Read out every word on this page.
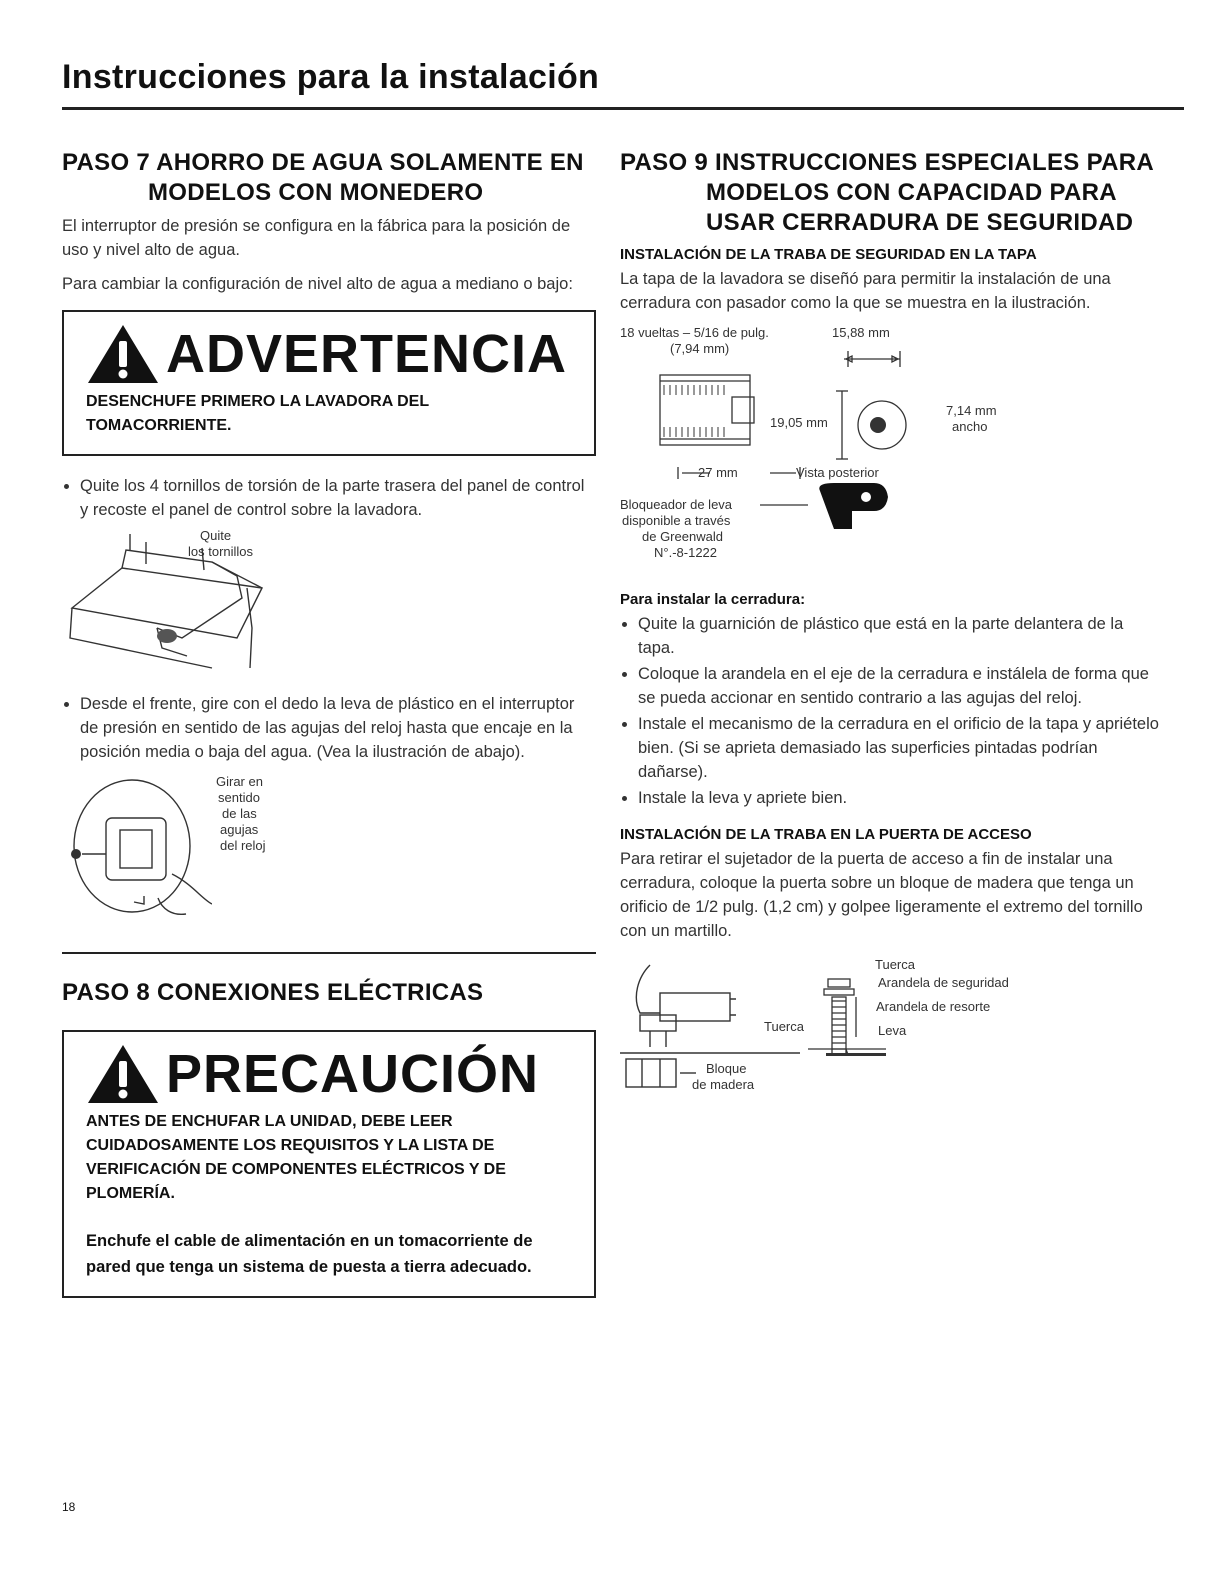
Instrucciones para la instalación
PASO 7 AHORRO DE AGUA SOLAMENTE EN
MODELOS CON MONEDERO

El interruptor de presión se configura en la fábrica para la posición de uso y nivel alto de agua.

Para cambiar la configuración de nivel alto de agua a mediano o bajo:

ADVERTENCIA
DESENCHUFE PRIMERO LA LAVADORA DEL TOMACORRIENTE.
• Quite los 4 tornillos de torsión de la parte trasera del panel de control y recoste el panel de control sobre la lavadora.
Quite
los tornillos
• Desde el frente, gire con el dedo la leva de plástico en el interruptor de presión en sentido de las agujas del reloj hasta que encaje en la posición media o baja del agua. (Vea la ilustración de abajo).
Girar en
sentido
de las
agujas
del reloj
PASO 8 CONEXIONES ELÉCTRICAS
PRECAUCIÓN
ANTES DE ENCHUFAR LA UNIDAD, DEBE LEER CUIDADOSAMENTE LOS REQUISITOS Y LA LISTA DE VERIFICACIÓN DE COMPONENTES ELÉCTRICOS Y DE PLOMERÍA.
Enchufe el cable de alimentación en un tomacorriente de pared que tenga un sistema de puesta a tierra adecuado.
PASO 9 INSTRUCCIONES ESPECIALES PARA
MODELOS CON CAPACIDAD PARA
USAR CERRADURA DE SEGURIDAD
INSTALACIÓN DE LA TRABA DE SEGURIDAD EN LA TAPA

La tapa de la lavadora se diseñó para permitir la instalación de una cerradura con pasador como la que se muestra en la ilustración.

18 vueltas – 5/16 de pulg.
(7,94 mm)
15,88 mm
19,05 mm
7,14 mm
ancho
27 mm	Vista posterior
Bloqueador de leva
disponible a través
de Greenwald
N°.-8-1222
Para instalar la cerradura:
• Quite la guarnición de plástico que está en la parte delantera de la tapa.
• Coloque la arandela en el eje de la cerradura e instálela de forma que se pueda accionar en sentido contrario a las agujas del reloj.
• Instale el mecanismo de la cerradura en el orificio de la tapa y apriételo bien. (Si se aprieta demasiado las superficies pintadas podrían dañarse).
• Instale la leva y apriete bien.
INSTALACIÓN DE LA TRABA EN LA PUERTA DE ACCESO

Para retirar el sujetador de la puerta de acceso a fin de instalar una cerradura, coloque la puerta sobre un bloque de madera que tenga un orificio de 1/2 pulg. (1,2 cm) y golpee ligeramente el extremo del tornillo con un martillo.

Tuerca
Arandela de seguridad
Arandela de resorte
Tuerca	Leva
Bloque
de madera
18
